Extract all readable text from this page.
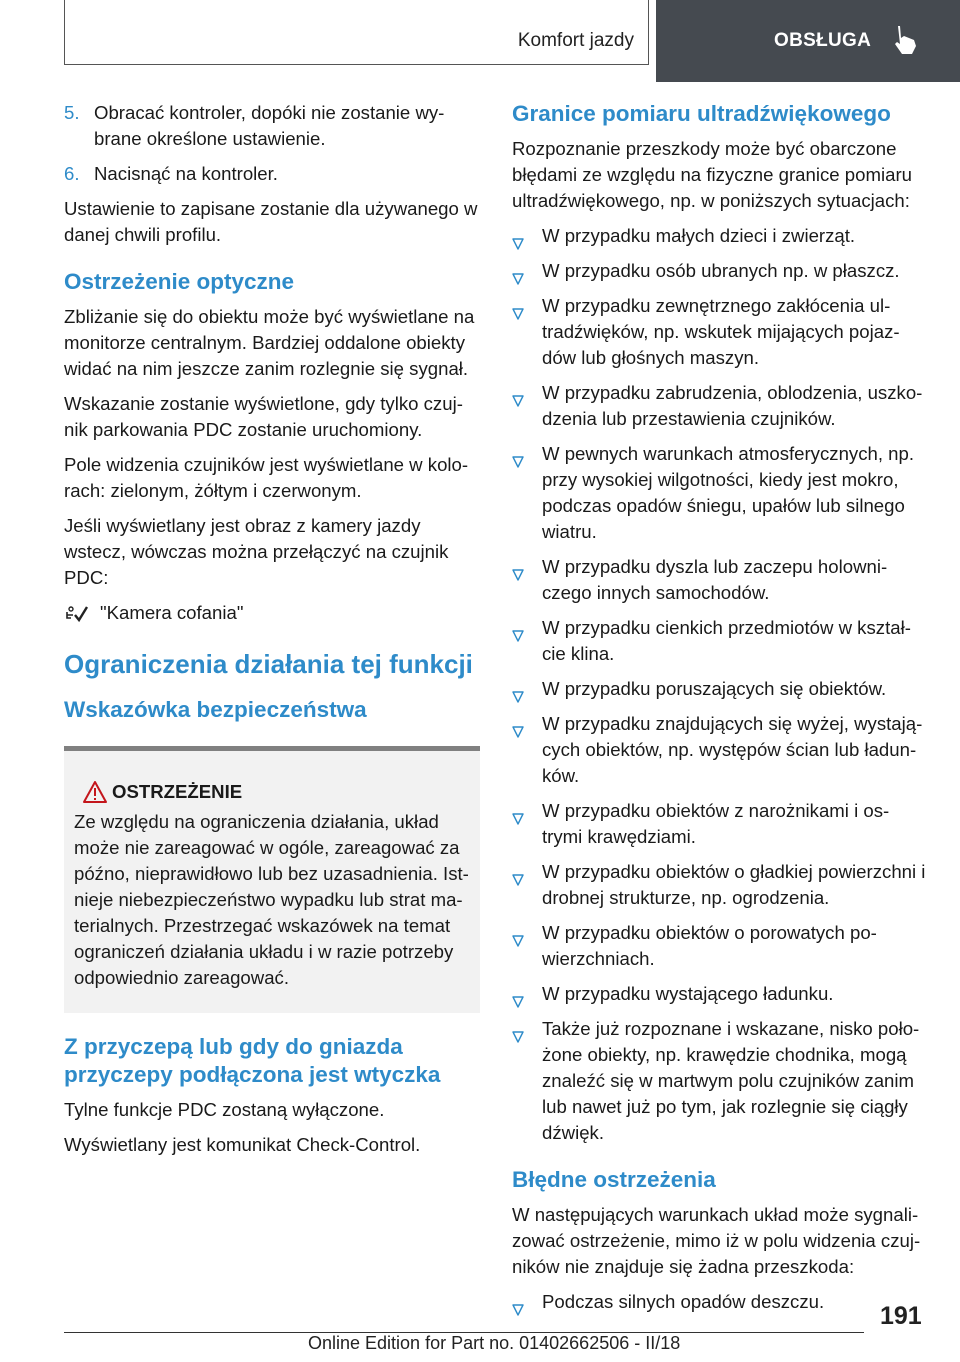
Komfort jazdy	OBSŁUGA
5. Obracać kontroler, dopóki nie zostanie wy-brane określone ustawienie.
6. Nacisnąć na kontroler.

Ustawienie to zapisane zostanie dla używanego w danej chwili profilu.

Ostrzeżenie optyczne

Zbliżanie się do obiektu może być wyświetlane na monitorze centralnym. Bardziej oddalone obiekty widać na nim jeszcze zanim rozlegnie się sygnał.

Wskazanie zostanie wyświetlone, gdy tylko czuj-nik parkowania PDC zostanie uruchomiony.

Pole widzenia czujników jest wyświetlane w kolo-rach: zielonym, żółtym i czerwonym.

Jeśli wyświetlany jest obraz z kamery jazdy wstecz, wówczas można przełączyć na czujnik PDC:

"Kamera cofania"
Ograniczenia działania tej funkcji
Wskazówka bezpieczeństwa
OSTRZEŻENIE
Ze względu na ograniczenia działania, układ może nie zareagować w ogóle, zareagować za późno, nieprawidłowo lub bez uzasadnienia. Ist-nieje niebezpieczeństwo wypadku lub strat ma-terialnych. Przestrzegać wskazówek na temat ograniczeń działania układu i w razie potrzeby odpowiednio zareagować.
Z przyczepą lub gdy do gniazda przyczepy podłączona jest wtyczka

Tylne funkcje PDC zostaną wyłączone.

Wyświetlany jest komunikat Check-Control.

Granice pomiaru ultradźwiękowego

Rozpoznanie przeszkody może być obarczone błędami ze względu na fizyczne granice pomiaru ultradźwiękowego, np. w poniższych sytuacjach:

W przypadku małych dzieci i zwierząt.
W przypadku osób ubranych np. w płaszcz.
W przypadku zewnętrznego zakłócenia ul-tradźwięków, np. wskutek mijających pojaz-dów lub głośnych maszyn.
W przypadku zabrudzenia, oblodzenia, uszko-dzenia lub przestawienia czujników.
W pewnych warunkach atmosferycznych, np. przy wysokiej wilgotności, kiedy jest mokro, podczas opadów śniegu, upałów lub silnego wiatru.
W przypadku dyszla lub zaczepu holowni-czego innych samochodów.
W przypadku cienkich przedmiotów w kształ-cie klina.
W przypadku poruszających się obiektów.
W przypadku znajdujących się wyżej, wystają-cych obiektów, np. występów ścian lub ładun-ków.
W przypadku obiektów z narożnikami i os-trymi krawędziami.
W przypadku obiektów o gładkiej powierzchni i drobnej strukturze, np. ogrodzenia.
W przypadku obiektów o porowatych po-wierzchniach.
W przypadku wystającego ładunku.
Także już rozpoznane i wskazane, nisko poło-żone obiekty, np. krawędzie chodnika, mogą znaleźć się w martwym polu czujników zanim lub nawet już po tym, jak rozlegnie się ciągły dźwięk.
Błędne ostrzeżenia

W następujących warunkach układ może sygnali-zować ostrzeżenie, mimo iż w polu widzenia czuj-ników nie znajduje się żadna przeszkoda:

Podczas silnych opadów deszczu.
191
Online Edition for Part no. 01402662506 - II/18
